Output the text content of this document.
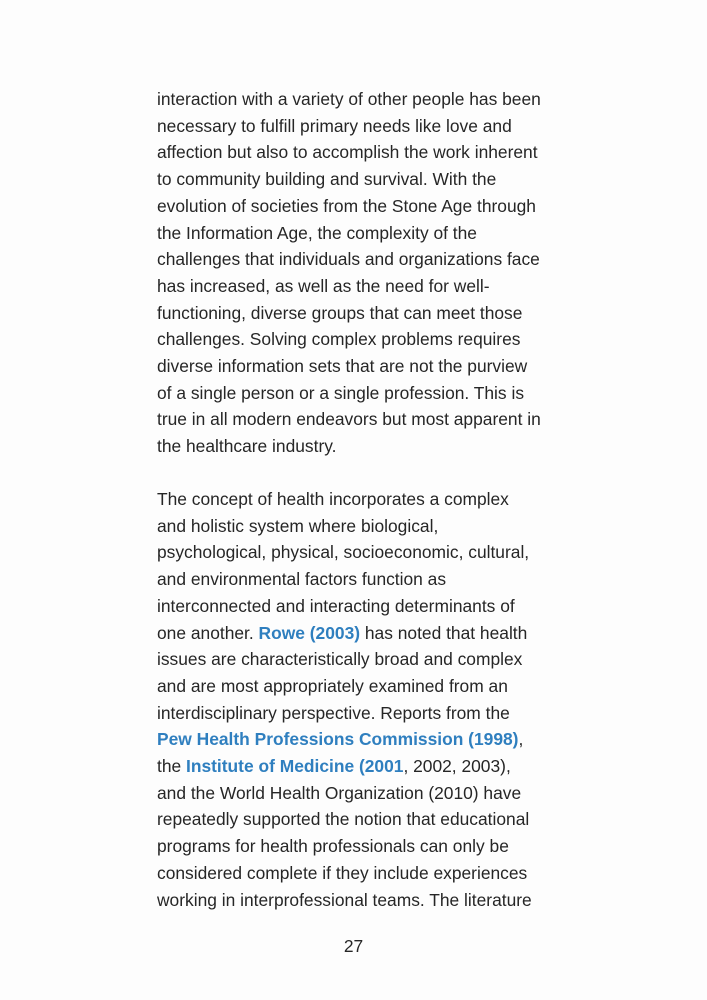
interaction with a variety of other people has been
necessary to fulfill primary needs like love and
affection but also to accomplish the work inherent
to community building and survival. With the
evolution of societies from the Stone Age through
the Information Age, the complexity of the
challenges that individuals and organizations face
has increased, as well as the need for well-
functioning, diverse groups that can meet those
challenges. Solving complex problems requires
diverse information sets that are not the purview
of a single person or a single profession. This is
true in all modern endeavors but most apparent in
the healthcare industry.

The concept of health incorporates a complex
and holistic system where biological,
psychological, physical, socioeconomic, cultural,
and environmental factors function as
interconnected and interacting determinants of
one another. Rowe (2003) has noted that health
issues are characteristically broad and complex
and are most appropriately examined from an
interdisciplinary perspective. Reports from the
Pew Health Professions Commission (1998),
the Institute of Medicine (2001, 2002, 2003),
and the World Health Organization (2010) have
repeatedly supported the notion that educational
programs for health professionals can only be
considered complete if they include experiences
working in interprofessional teams. The literature

27
